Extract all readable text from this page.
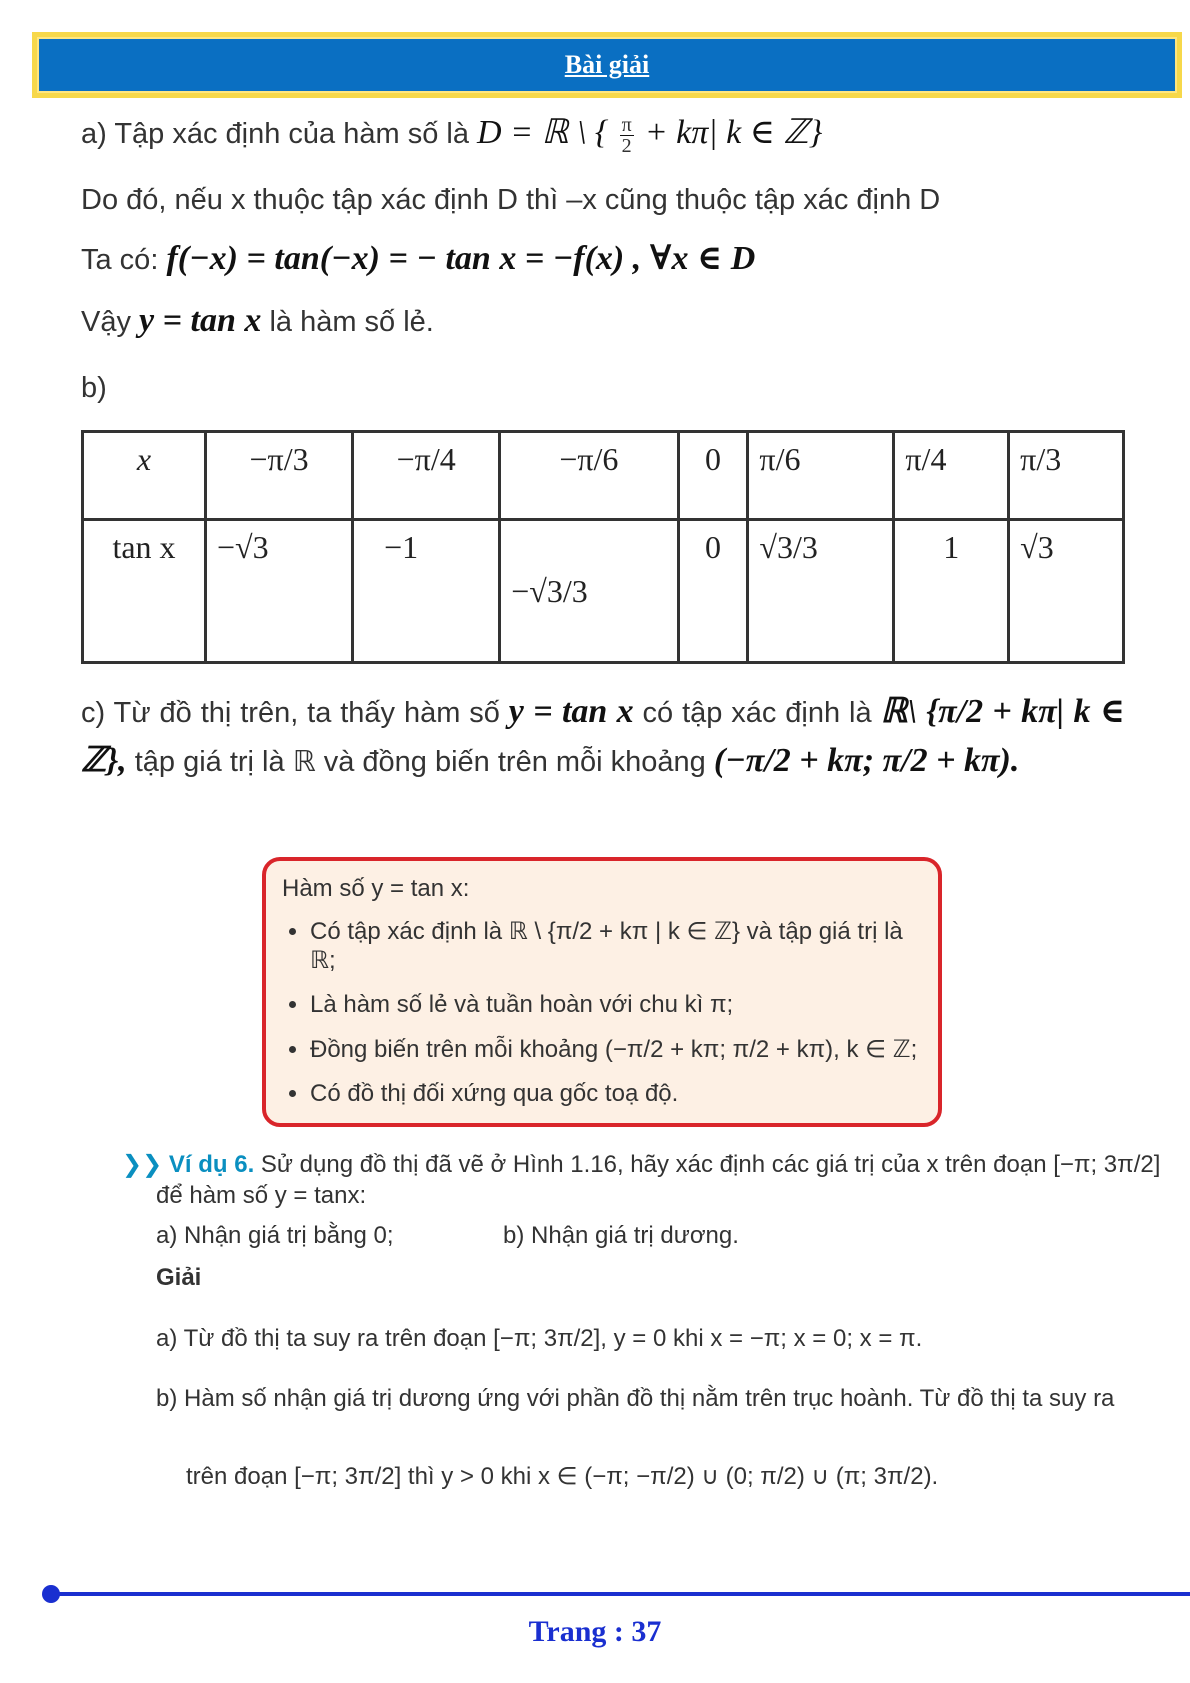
Bài giải
a) Tập xác định của hàm số là D = ℝ \ { $\frac{\pi}{2} + k\pi|$ k ∈ ℤ}
Do đó, nếu x thuộc tập xác định D thì –x cũng thuộc tập xác định D
Ta có: f(−x) = tan(−x) = − tan x = −f(x) , ∀x ∈ D
Vậy y = tan x là hàm số lẻ.
b)
x	−π/3	−π/4	−π/6	0	π/6	π/4	π/3
tan x	−√3	−1	−√3/3	0	√3/3	1	√3
c) Từ đồ thị trên, ta thấy hàm số y = tan x có tập xác định là ℝ\ {π/2 + kπ| k ∈ ℤ}, tập giá trị là ℝ và đồng biến trên mỗi khoảng (−π/2 + kπ; π/2 + kπ).

Hàm số y = tan x:

• Có tập xác định là ℝ \ {π/2 + kπ | k ∈ ℤ} và tập giá trị là ℝ;
• Là hàm số lẻ và tuần hoàn với chu kì π;
• Đồng biến trên mỗi khoảng (−π/2 + kπ; π/2 + kπ), k ∈ ℤ;
• Có đồ thị đối xứng qua gốc toạ độ.
❯❯ Ví dụ 6. Sử dụng đồ thị đã vẽ ở Hình 1.16, hãy xác định các giá trị của x trên đoạn [−π; 3π/2]
để hàm số y = tanx:
a) Nhận giá trị bằng 0;	b) Nhận giá trị dương.
Giải
a) Từ đồ thị ta suy ra trên đoạn [−π; 3π/2], y = 0 khi x = −π; x = 0; x = π.
b) Hàm số nhận giá trị dương ứng với phần đồ thị nằm trên trục hoành. Từ đồ thị ta suy ra
trên đoạn [−π; 3π/2] thì y > 0 khi x ∈ (−π; −π/2) ∪ (0; π/2) ∪ (π; 3π/2).
Trang : 37
